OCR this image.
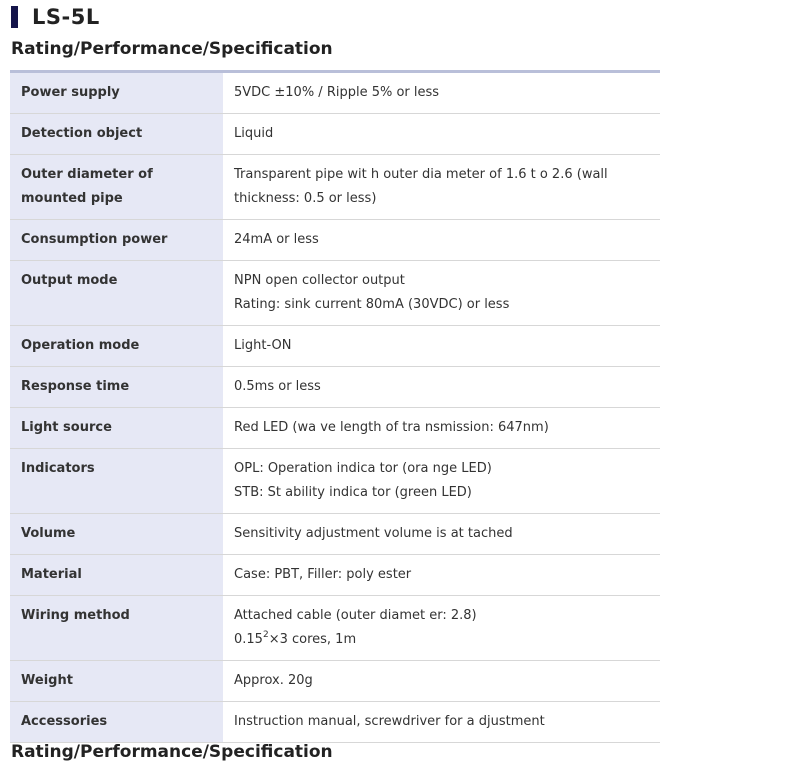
LS-5L
Rating/Performance/Specification
Power supply	5VDC ±10% / Ripple 5% or less

Detection object	Liquid

Outer diameter of mounted pipe	Transparent pipe wit h outer dia meter of 1.6 t o 2.6 (wall thickness: 0.5 or less)

Consumption power	24mA or less

Output mode	NPN open collector output
Rating: sink current 80mA (30VDC) or less

Operation mode	Light-ON

Response time	0.5ms or less

Light source	Red LED (wa ve length of tra nsmission: 647nm)

Indicators	OPL: Operation indica tor (ora nge LED)
STB: St ability indica tor (green LED)

Volume	Sensitivity adjustment volume is at tached

Material	Case: PBT, Filler: poly ester

Wiring method	Attached cable (outer diamet er: 2.8)
$0.15^2\times 3$ cores, 1m

Weight	Approx. 20g

Accessories	Instruction manual, screwdriver for a djustment
Rating/Performance/Specification
